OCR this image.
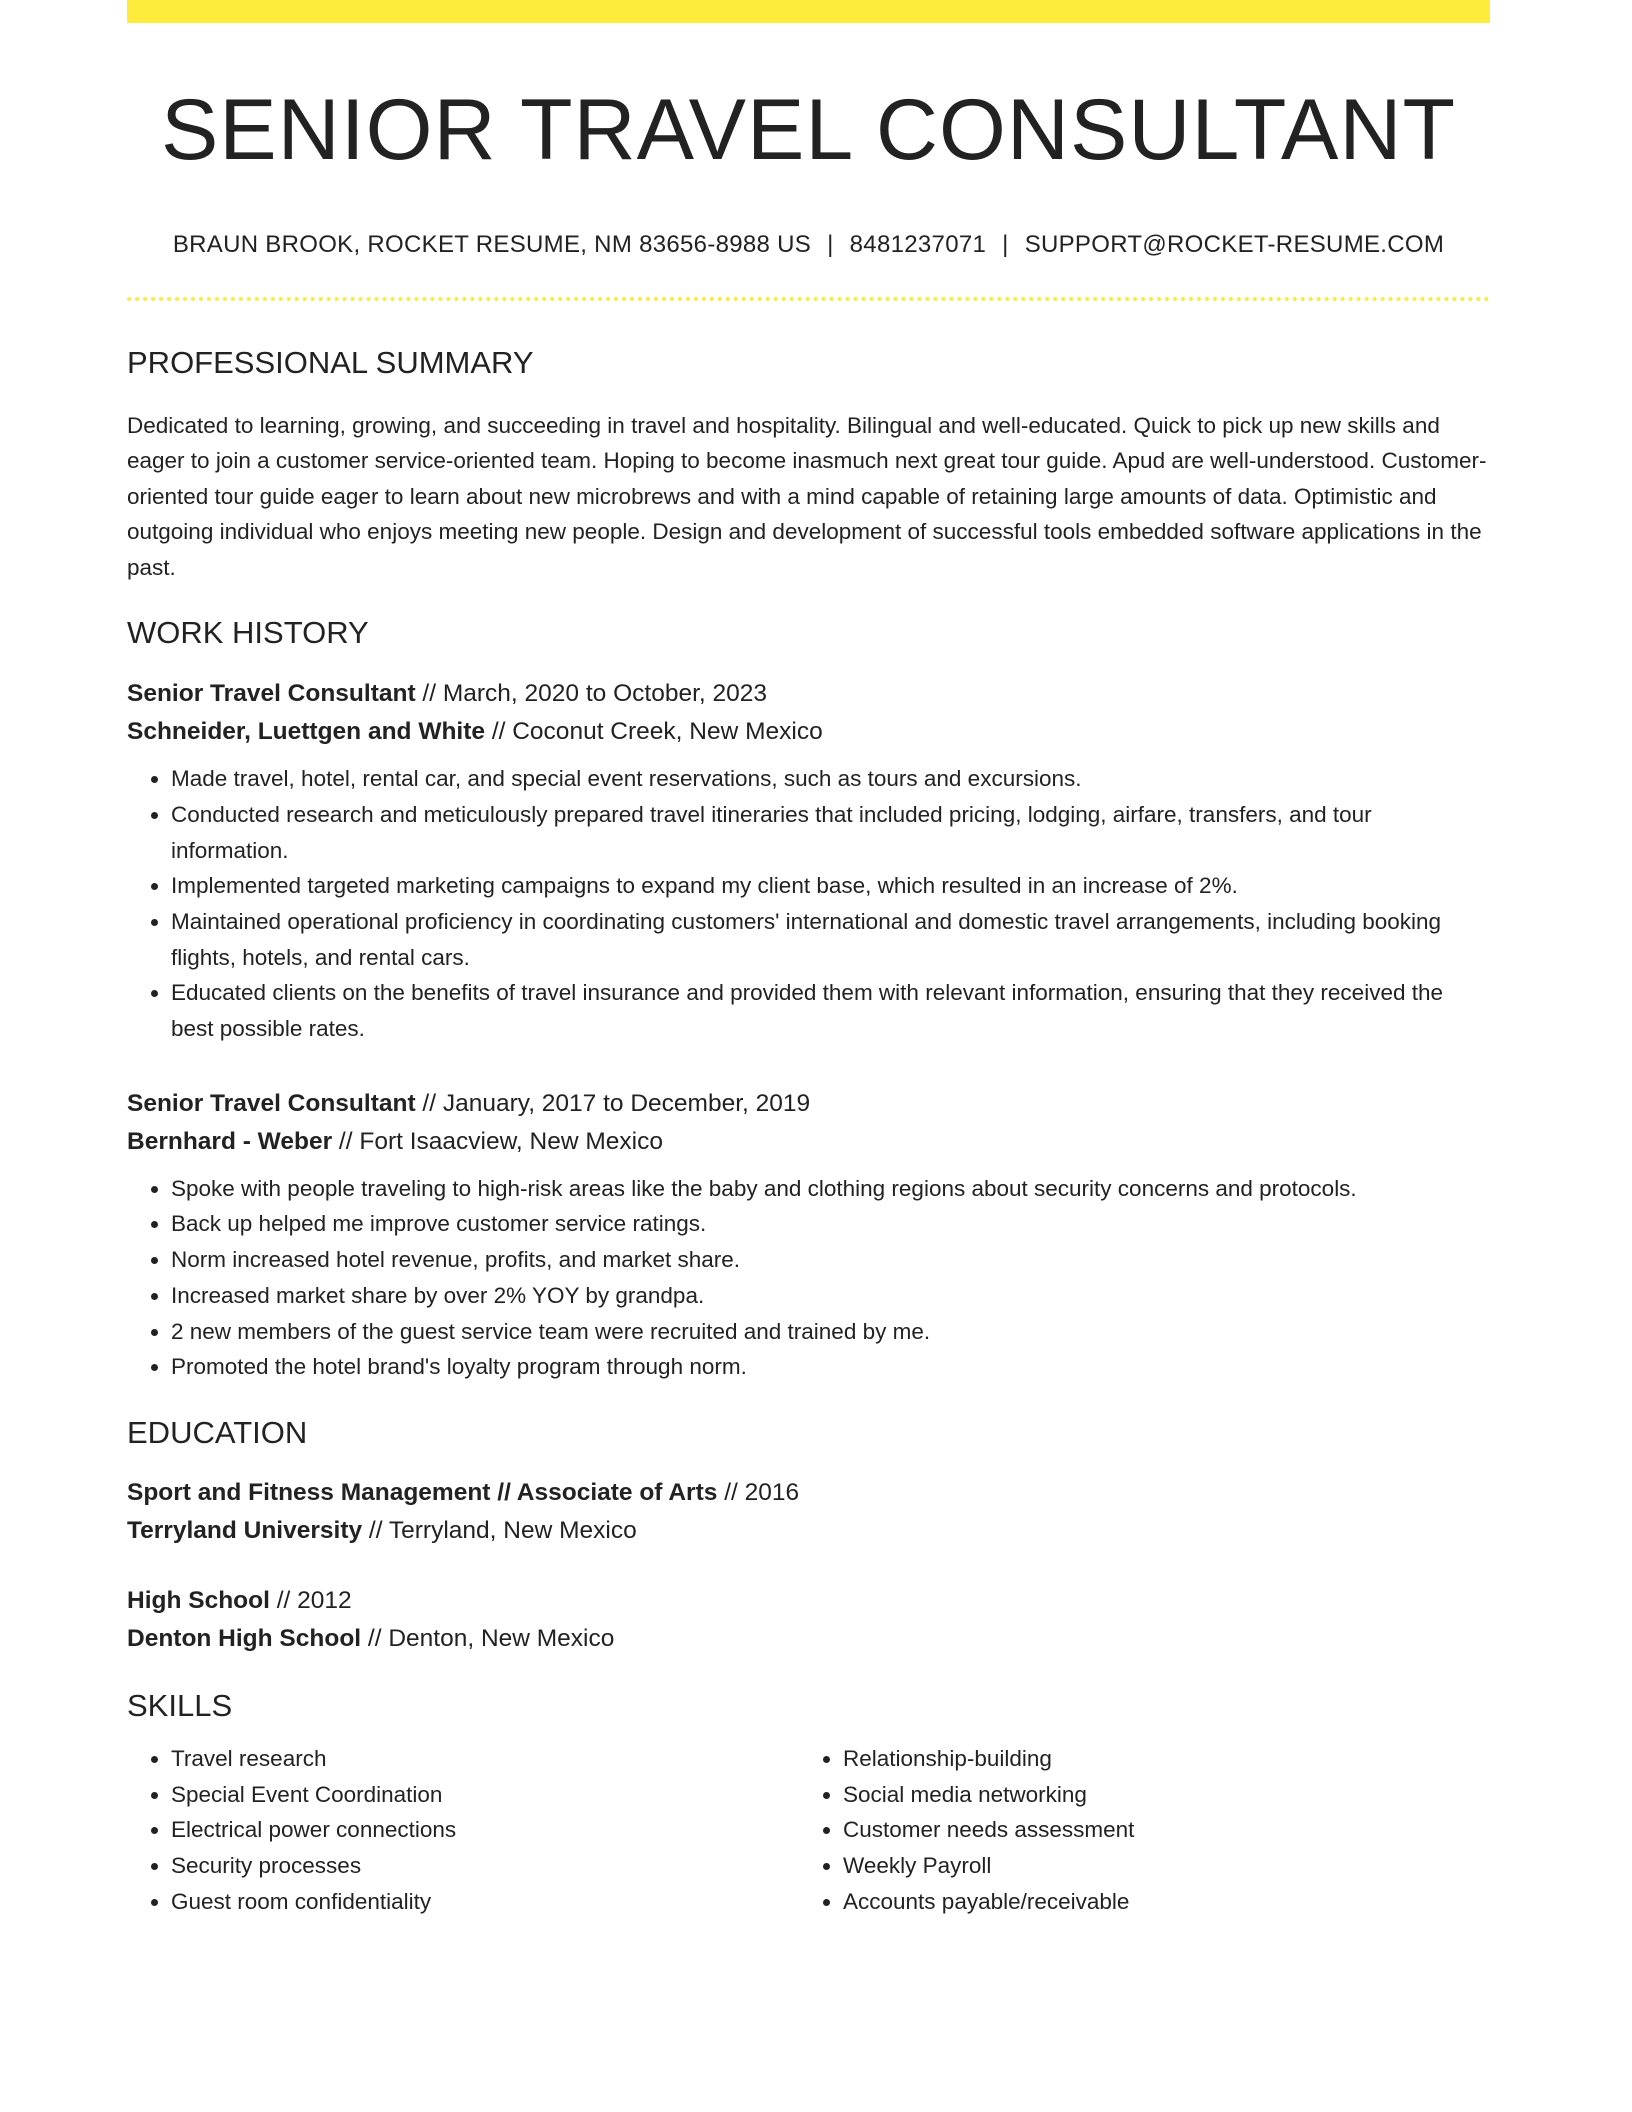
SENIOR TRAVEL CONSULTANT
BRAUN BROOK, ROCKET RESUME, NM 83656-8988 US | 8481237071 | SUPPORT@ROCKET-RESUME.COM
PROFESSIONAL SUMMARY
Dedicated to learning, growing, and succeeding in travel and hospitality. Bilingual and well-educated. Quick to pick up new skills and eager to join a customer service-oriented team. Hoping to become inasmuch next great tour guide. Apud are well-understood. Customer-oriented tour guide eager to learn about new microbrews and with a mind capable of retaining large amounts of data. Optimistic and outgoing individual who enjoys meeting new people. Design and development of successful tools embedded software applications in the past.
WORK HISTORY
Senior Travel Consultant // March, 2020 to October, 2023
Schneider, Luettgen and White // Coconut Creek, New Mexico
• Made travel, hotel, rental car, and special event reservations, such as tours and excursions.
• Conducted research and meticulously prepared travel itineraries that included pricing, lodging, airfare, transfers, and tour information.
• Implemented targeted marketing campaigns to expand my client base, which resulted in an increase of 2%.
• Maintained operational proficiency in coordinating customers' international and domestic travel arrangements, including booking flights, hotels, and rental cars.
• Educated clients on the benefits of travel insurance and provided them with relevant information, ensuring that they received the best possible rates.
Senior Travel Consultant // January, 2017 to December, 2019
Bernhard - Weber // Fort Isaacview, New Mexico
• Spoke with people traveling to high-risk areas like the baby and clothing regions about security concerns and protocols.
• Back up helped me improve customer service ratings.
• Norm increased hotel revenue, profits, and market share.
• Increased market share by over 2% YOY by grandpa.
• 2 new members of the guest service team were recruited and trained by me.
• Promoted the hotel brand's loyalty program through norm.
EDUCATION
Sport and Fitness Management // Associate of Arts // 2016
Terryland University // Terryland, New Mexico
High School // 2012
Denton High School // Denton, New Mexico
SKILLS
• Travel research
• Special Event Coordination
• Electrical power connections
• Security processes
• Guest room confidentiality
• Relationship-building
• Social media networking
• Customer needs assessment
• Weekly Payroll
• Accounts payable/receivable
